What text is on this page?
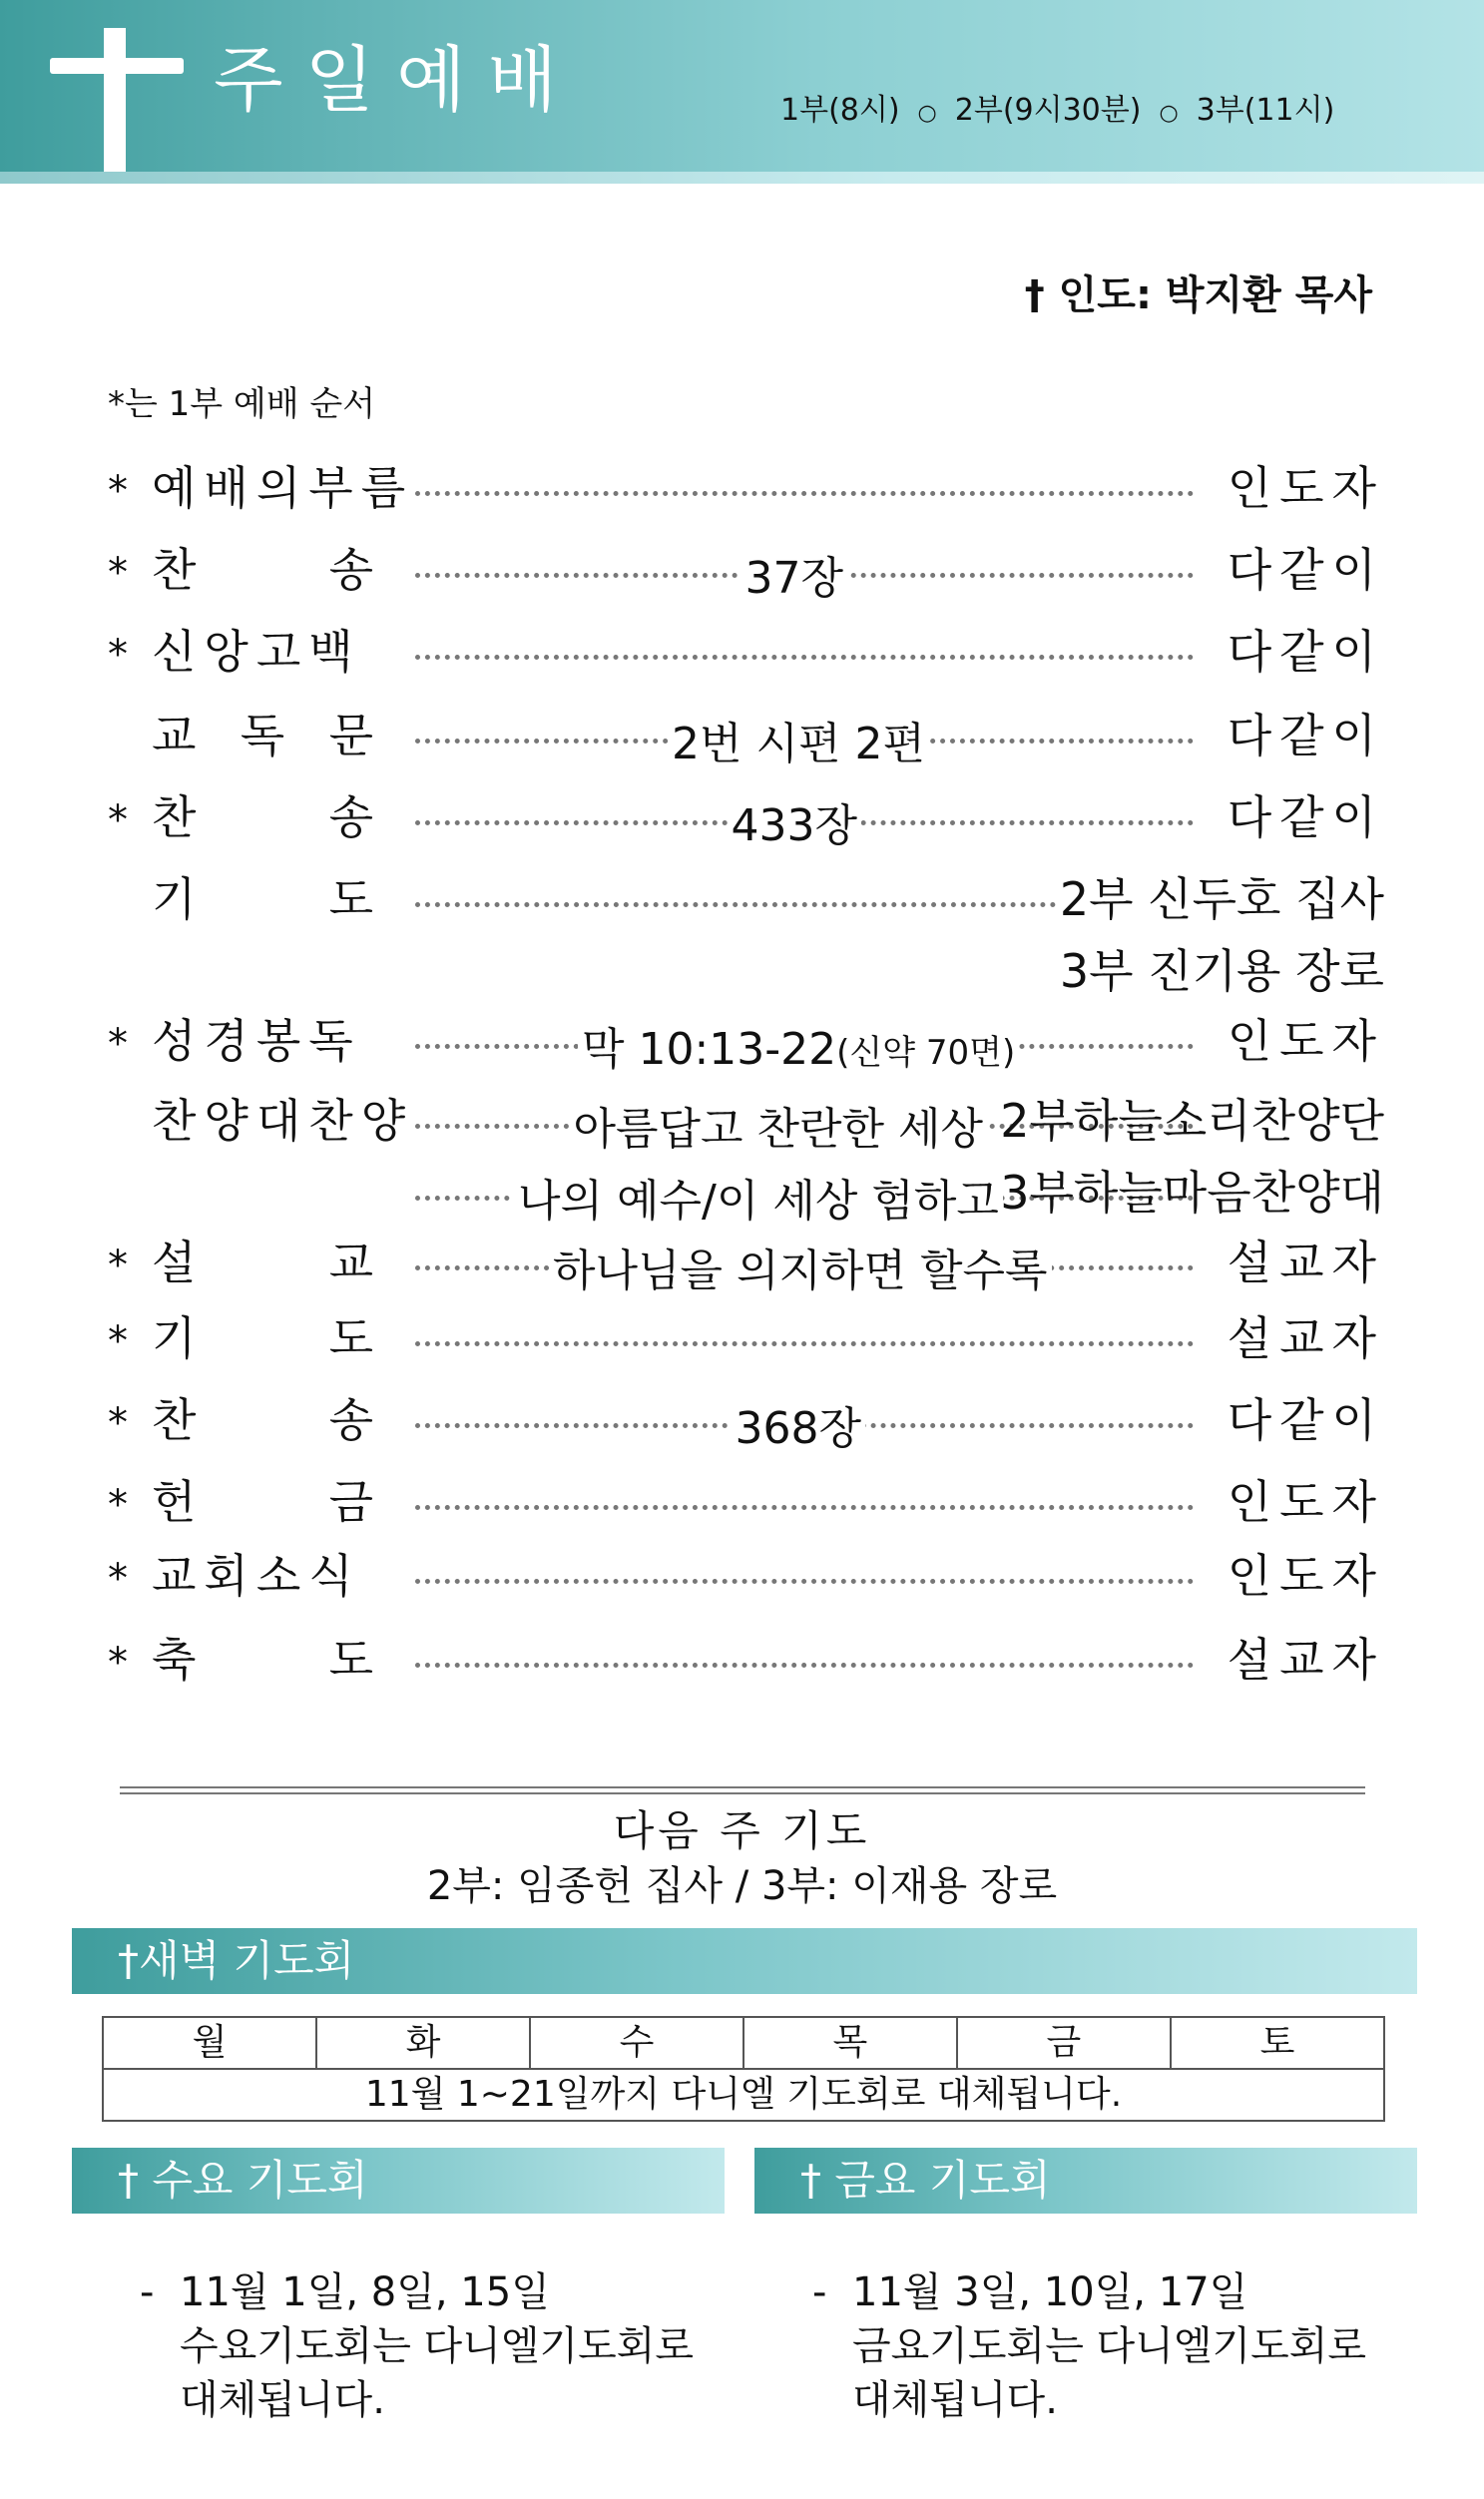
주일예배	1부(8시) ○ 2부(9시30분) ○ 3부(11시)
† 인도: 박지환 목사
*는 1부 예배 순서
* 예배의부름	인도자
* 찬	송	37장	다같이
* 신앙고백	다같이
교 독 문	2번 시편 2편	다같이
* 찬	송	433장	다같이
기	도	2부 신두호 집사
3부 진기용 장로
* 성경봉독	막 10:13-22(신약 70면)	인도자
찬양대찬양	아름답고 찬란한 세상 2부하늘소리찬양단
나의 예수/이 세상 험하고 3부하늘마음찬양대
* 설	교	하나님을 의지하면 할수록	설교자
* 기	도	설교자
* 찬	송	368장	다같이
* 헌	금	인도자
* 교회소식	인도자
* 축	도	설교자
다음 주 기도
2부: 임종헌 집사 / 3부: 이재용 장로
†새벽 기도회
월	화	수	목	금	토
11월 1~21일까지 다니엘 기도회로 대체됩니다.
† 수요 기도회	† 금요 기도회
- 11월 1일, 8일, 15일
수요기도회는 다니엘기도회로
대체됩니다.
- 11월 3일, 10일, 17일
금요기도회는 다니엘기도회로
대체됩니다.
